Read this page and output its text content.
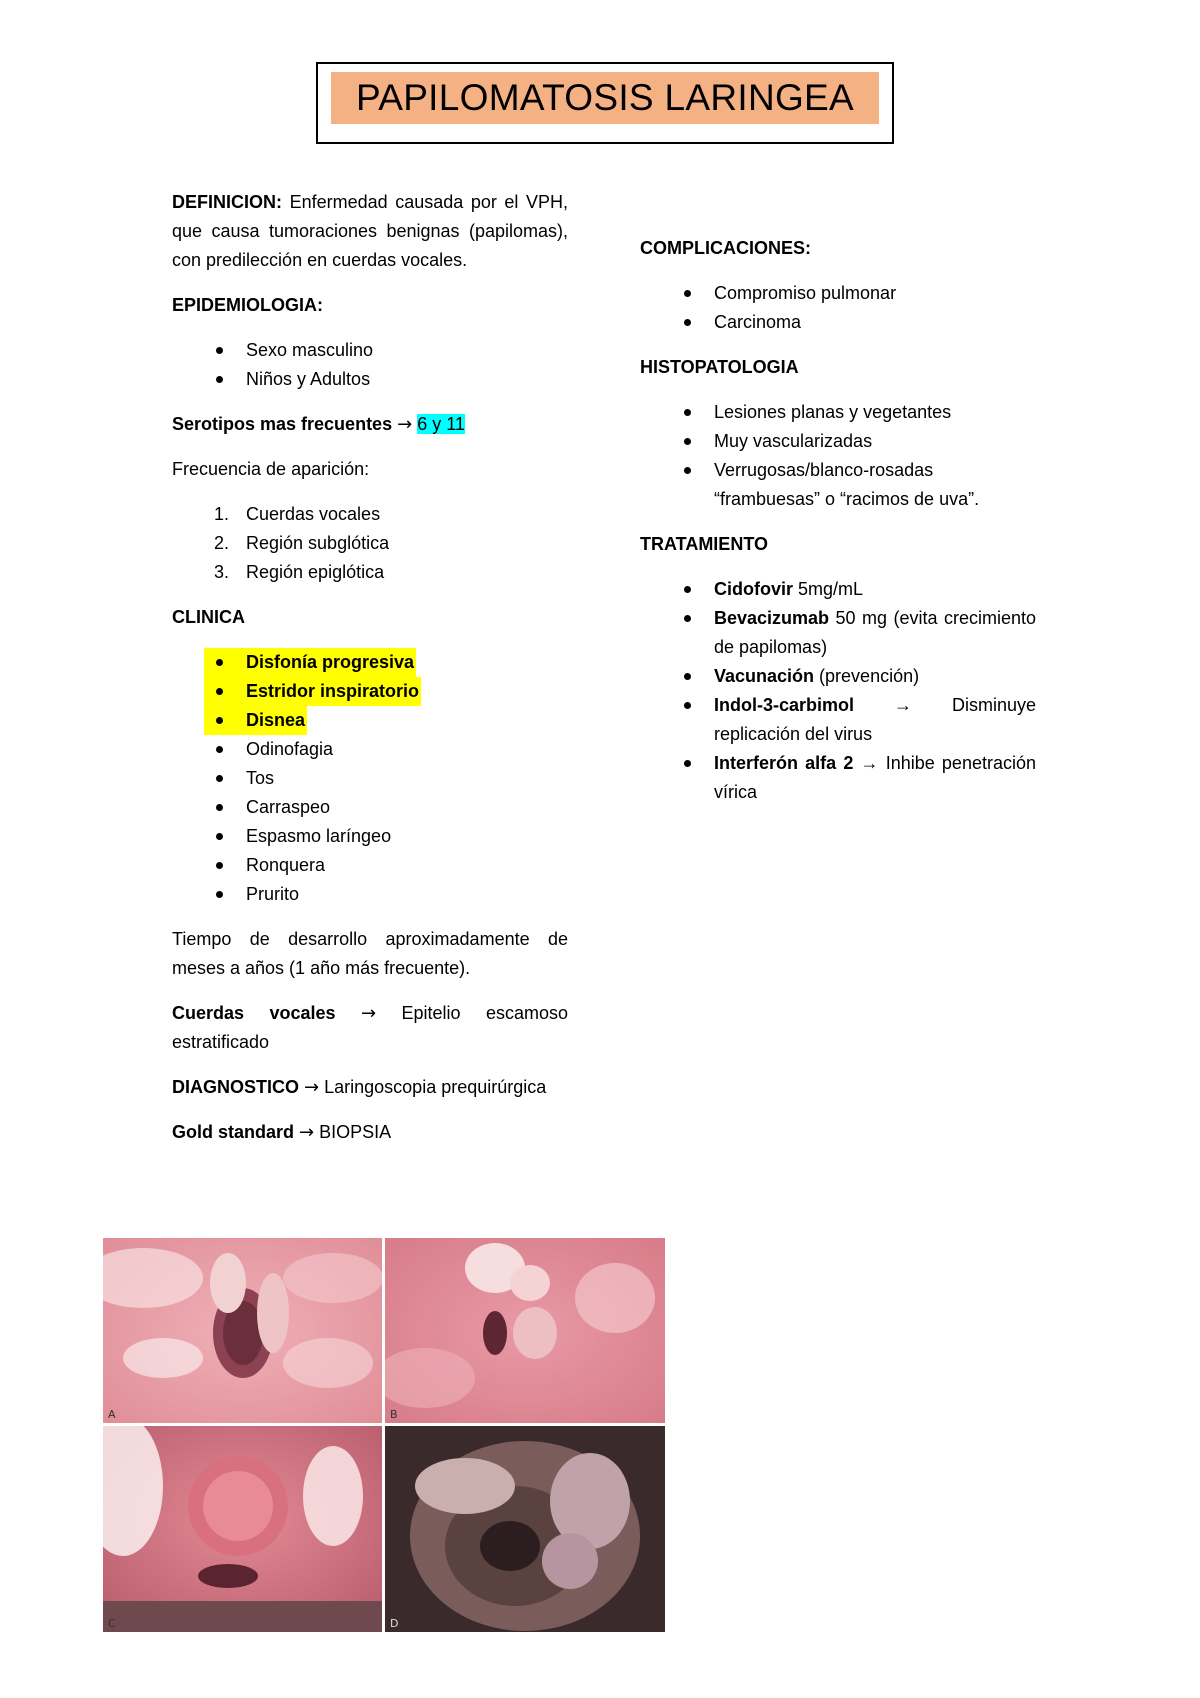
PAPILOMATOSIS LARINGEA

DEFINICION: Enfermedad causada por el VPH, que causa tumoraciones benignas (papilomas), con predilección en cuerdas vocales.

EPIDEMIOLOGIA:

Sexo masculino
Niños y Adultos

Serotipos mas frecuentes → 6 y 11

Frecuencia de aparición:

1. Cuerdas vocales
2. Región subglótica
3. Región epiglótica

CLINICA

Disfonía progresiva
Estridor inspiratorio
Disnea
Odinofagia
Tos
Carraspeo
Espasmo laríngeo
Ronquera
Prurito

Tiempo de desarrollo aproximadamente de meses a años (1 año más frecuente).

Cuerdas vocales → Epitelio escamoso estratificado

DIAGNOSTICO → Laringoscopia prequirúrgica

Gold standard → BIOPSIA

COMPLICACIONES:

Compromiso pulmonar
Carcinoma

HISTOPATOLOGIA

Lesiones planas y vegetantes
Muy vascularizadas
Verrugosas/blanco-rosadas “frambuesas” o “racimos de uva”.

TRATAMIENTO

Cidofovir 5mg/mL
Bevacizumab 50 mg (evita crecimiento de papilomas)
Vacunación (prevención)
Indol-3-carbimol → Disminuye replicación del virus
Interferón alfa 2 → Inhibe penetración vírica
A	B
C	D
